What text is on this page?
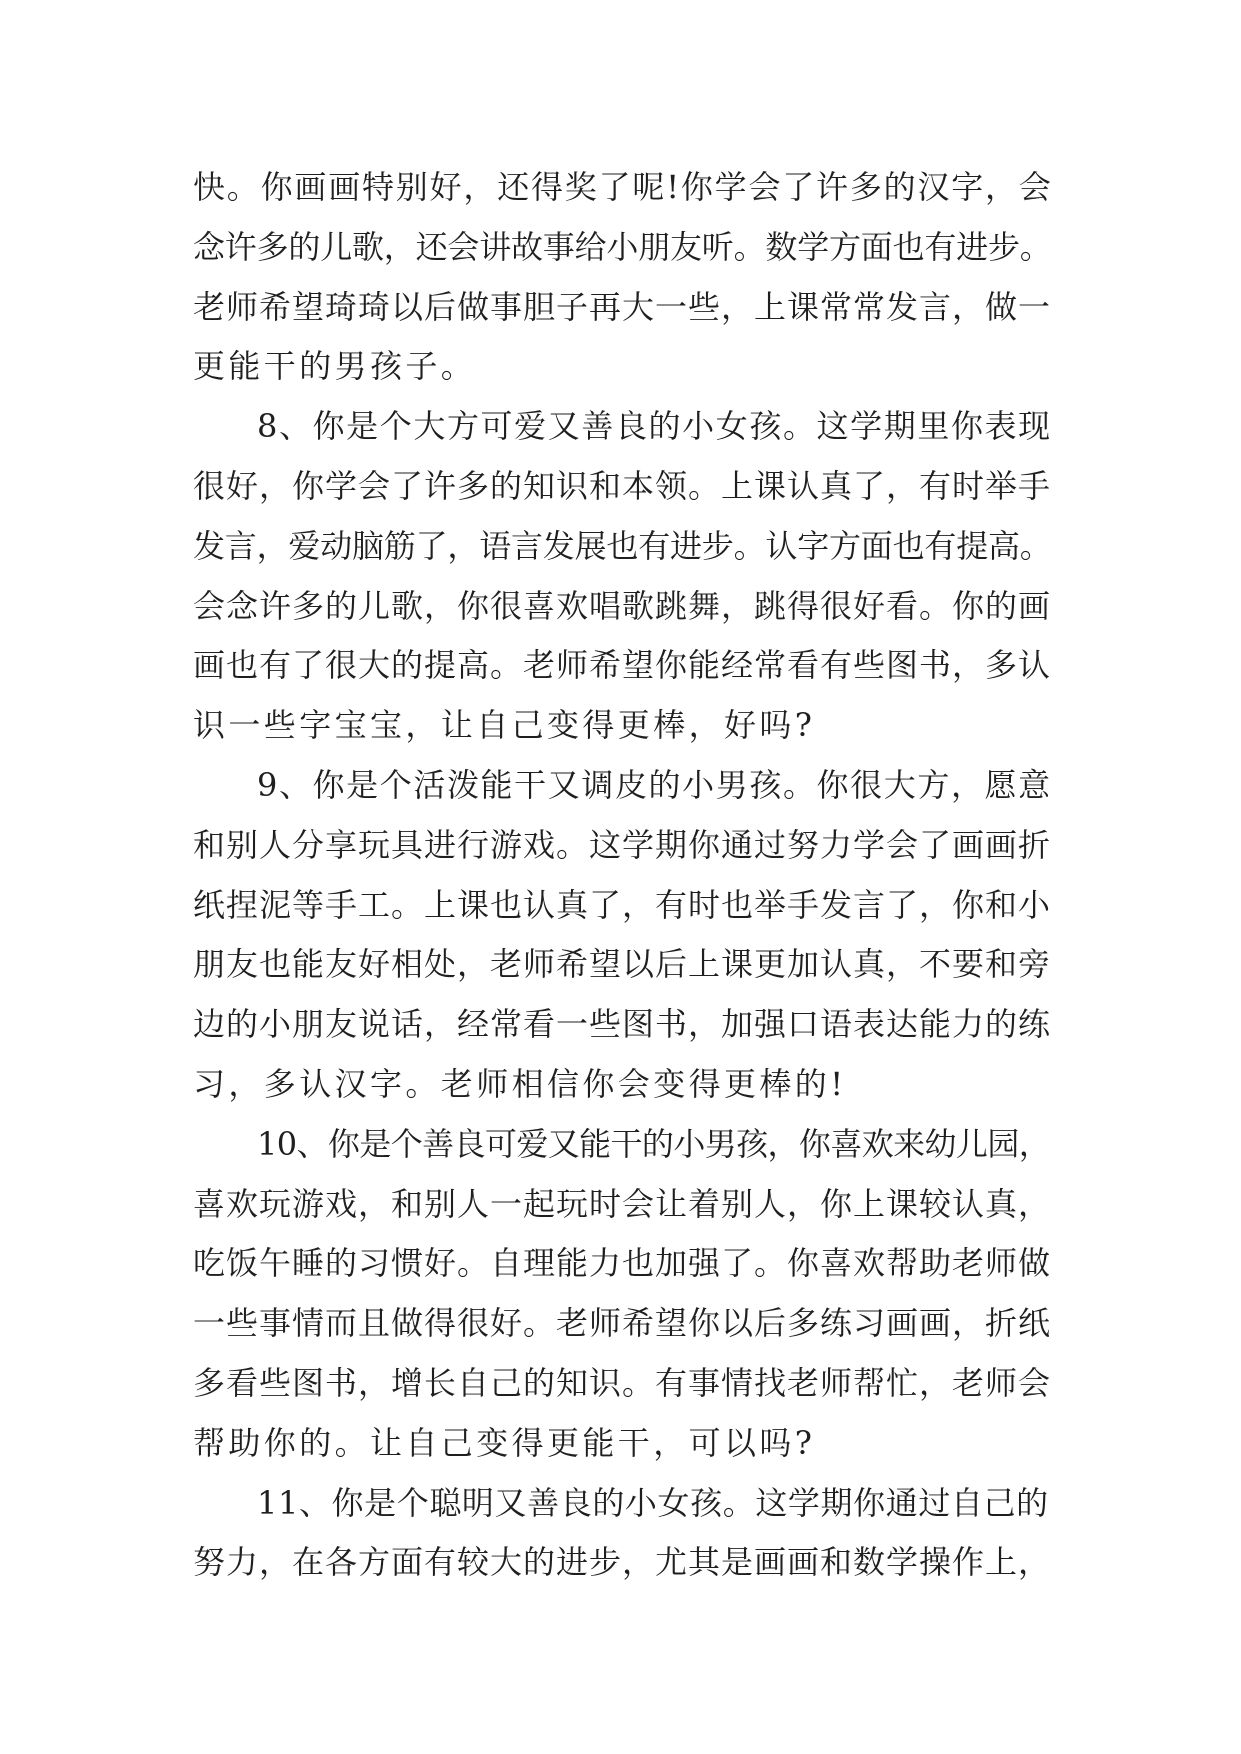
快。你画画特别好，还得奖了呢!你学会了许多的汉字，会
念许多的儿歌，还会讲故事给小朋友听。数学方面也有进步。
老师希望琦琦以后做事胆子再大一些，上课常常发言，做一
更能干的男孩子。
8、你是个大方可爱又善良的小女孩。这学期里你表现
很好，你学会了许多的知识和本领。上课认真了，有时举手
发言，爱动脑筋了，语言发展也有进步。认字方面也有提高。
会念许多的儿歌，你很喜欢唱歌跳舞，跳得很好看。你的画
画也有了很大的提高。老师希望你能经常看有些图书，多认
识一些字宝宝，让自己变得更棒，好吗?
9、你是个活泼能干又调皮的小男孩。你很大方，愿意
和别人分享玩具进行游戏。这学期你通过努力学会了画画折
纸捏泥等手工。上课也认真了，有时也举手发言了，你和小
朋友也能友好相处，老师希望以后上课更加认真，不要和旁
边的小朋友说话，经常看一些图书，加强口语表达能力的练
习，多认汉字。老师相信你会变得更棒的!
10、你是个善良可爱又能干的小男孩，你喜欢来幼儿园，
喜欢玩游戏，和别人一起玩时会让着别人，你上课较认真，
吃饭午睡的习惯好。自理能力也加强了。你喜欢帮助老师做
一些事情而且做得很好。老师希望你以后多练习画画，折纸
多看些图书，增长自己的知识。有事情找老师帮忙，老师会
帮助你的。让自己变得更能干，可以吗?
11、你是个聪明又善良的小女孩。这学期你通过自己的
努力，在各方面有较大的进步，尤其是画画和数学操作上，
